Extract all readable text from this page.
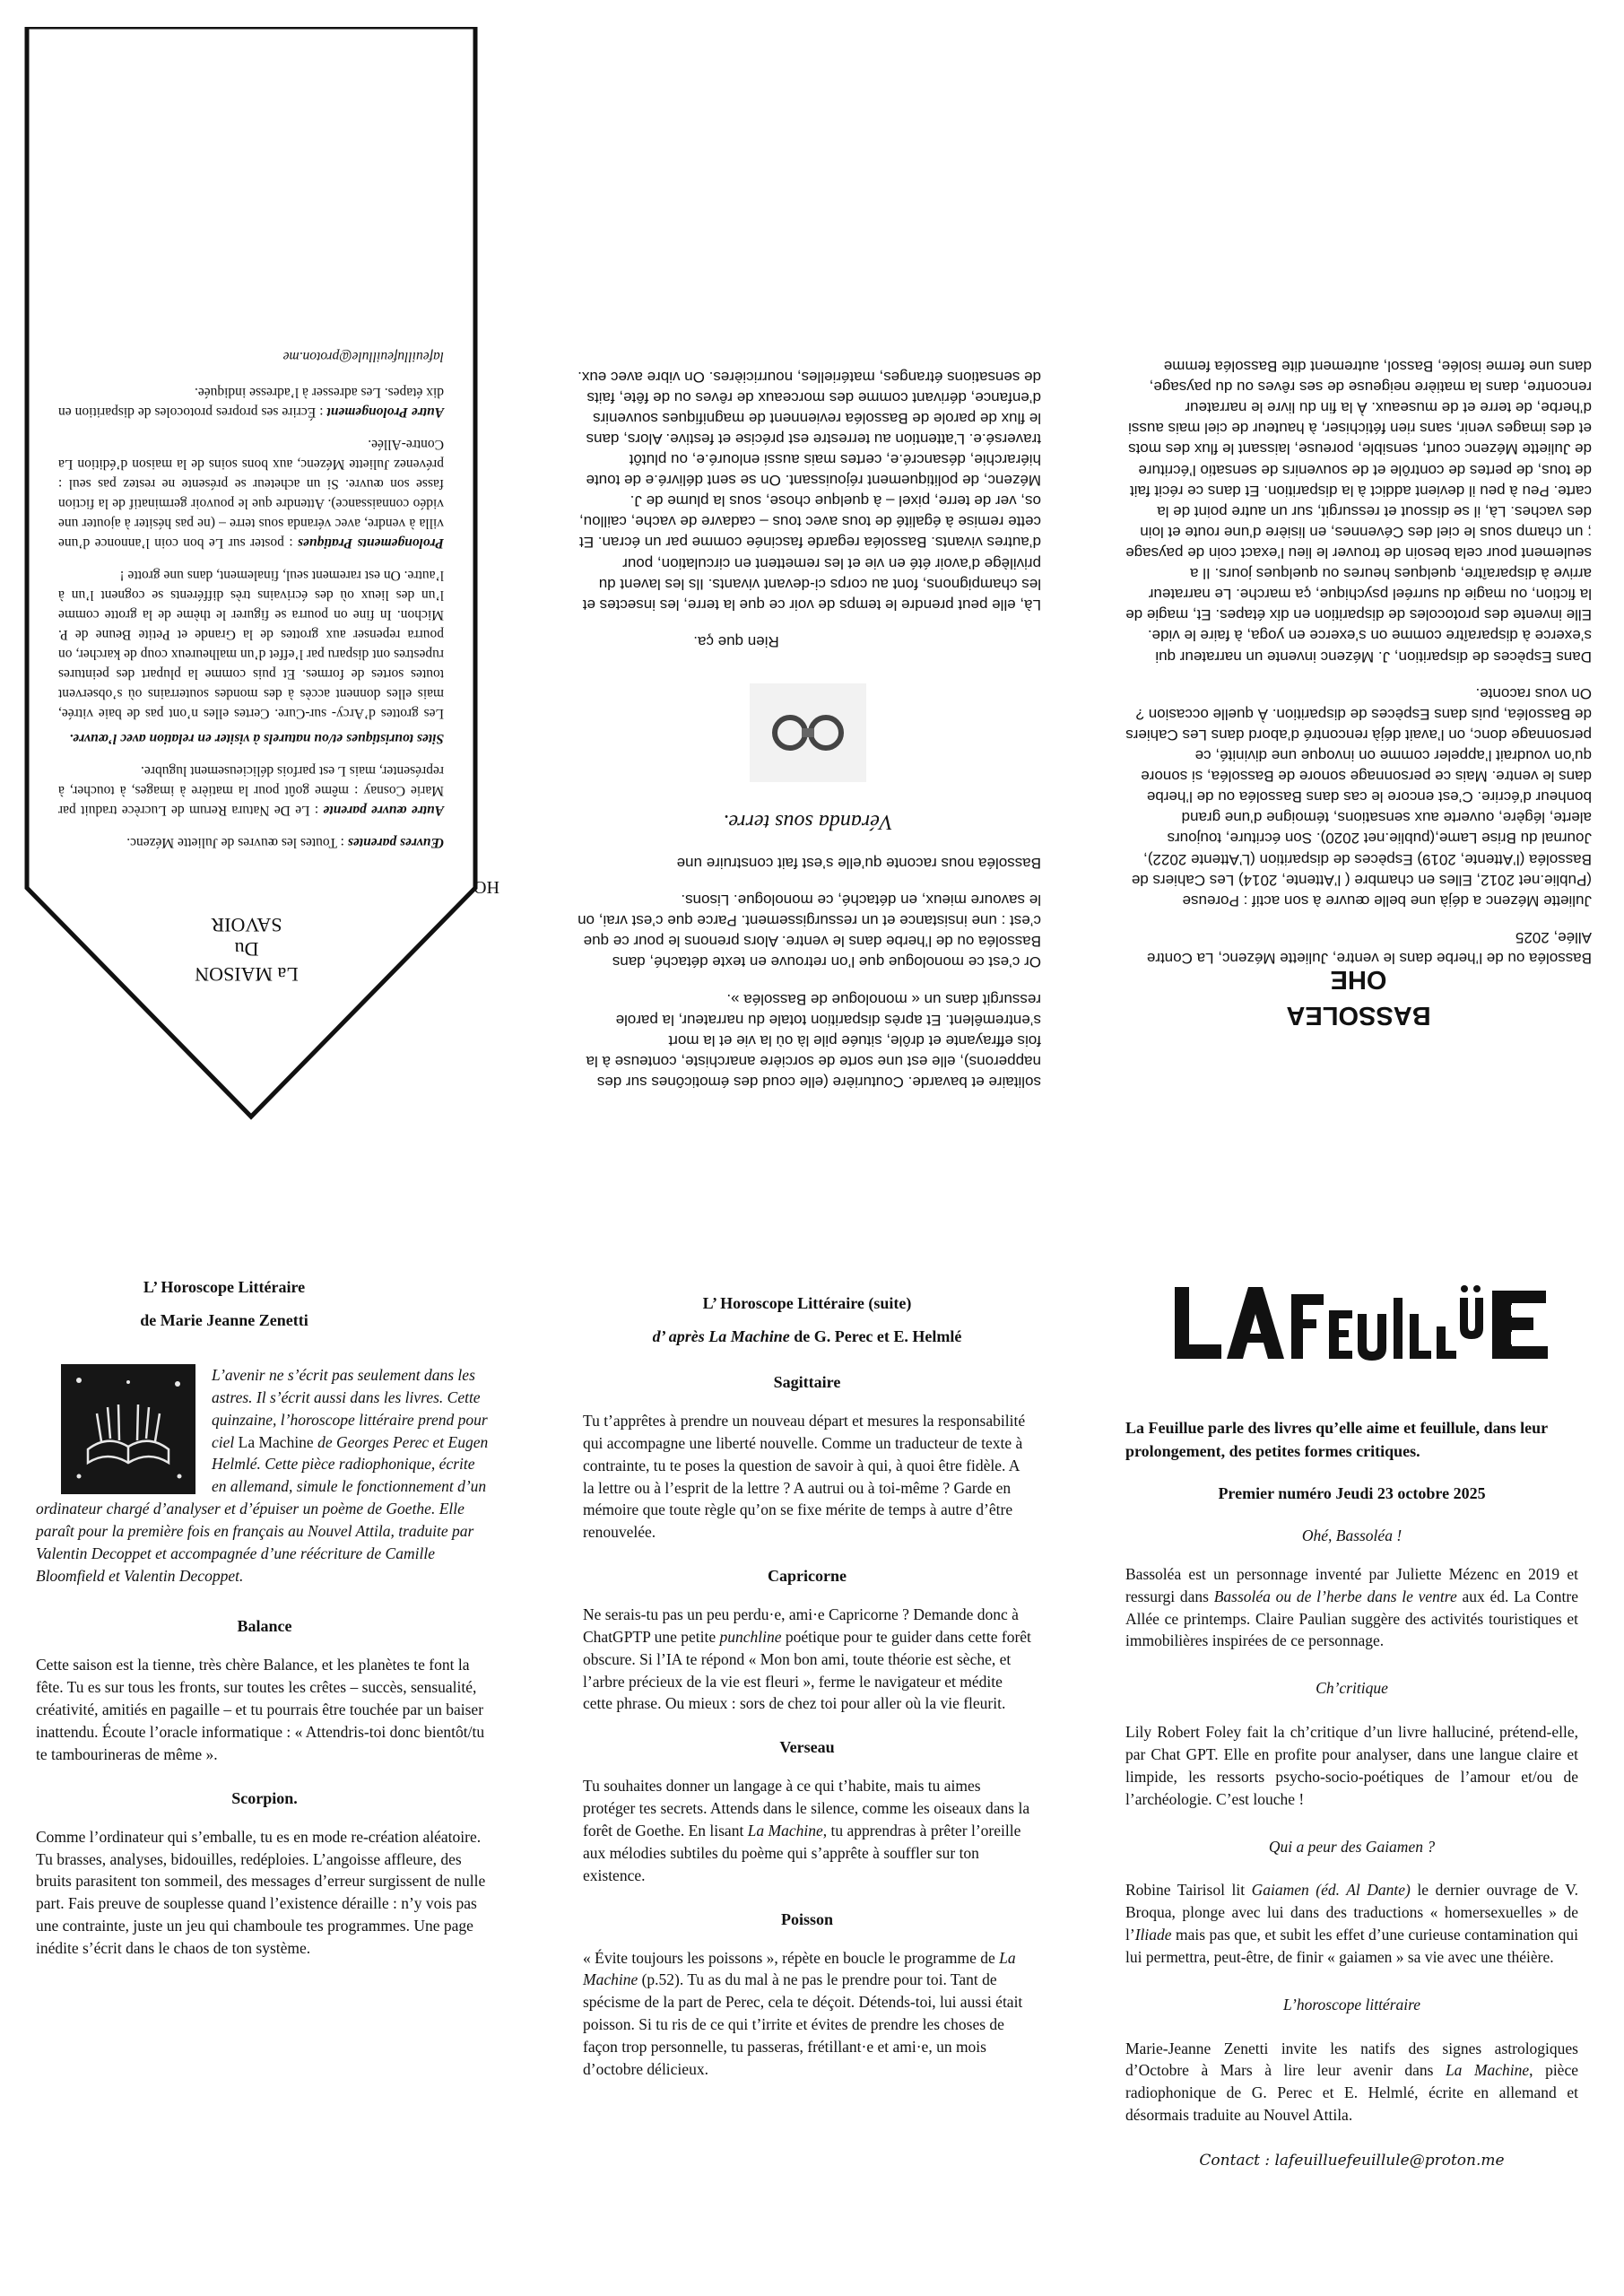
Bassoléa ou de l’herbe dans le ventre, Juliette Mézenc, La Contre Allée, 2025

Juliette Mézenc a déjà une belle œuvre à son actif : Poreuse (Publie.net 2012, Elles en chambre ( l’Attente, 2014) Les Cahiers de Bassoléa (l’Attente, 2019) Espèces de disparition (L’Attente 2022), Journal du Brise Lame,(publie.net 2020). Son écriture, toujours alerte, légère, ouverte aux sensations, témoigne d’une grand bonheur d’écrire. C’est encore le cas dans Bassoléa ou de l’herbe dans le ventre. Mais ce personnage sonore de Bassoléa, si sonore qu’on voudrait l’appeler comme on invoque une divinité, ce personnage donc, on l’avait déjà rencontré d’abord dans Les Cahiers de Bassoléa, puis dans Espèces de disparition. À quelle occasion ? On vous raconte.

Dans Espèces de disparition, J. Mézenc invente un narrateur qui s’exerce à disparaître comme on s’exerce en yoga, à faire le vide. Elle invente des protocoles de disparition en dix étapes. Et, magie de la fiction, ou magie du surréel psychique, ça marche. Le narrateur arrive à disparaître, quelques heures ou quelques jours. Il a seulement pour cela besoin de trouver le lieu l’exact coin de paysage ; un champ sous le ciel des Cévennes, en lisière d’une route et loin des vaches. Là, il se dissout et ressurgit, sur un autre point de la carte. Peu à peu il devient addict à la disparition. Et dans ce récit fait de tous, de pertes de contrôle et de souvenirs de sensatio l’écriture de Juliette Mézenc court, sensible, poreuse, laissant le flux des mots et des images venir, sans rien fétichiser, à hauteur de ciel mais aussi d’herbe, de terre et de museaux. À la fin du livre le narrateur rencontre, dans la matière neigeuse de ses rêves ou du paysage, dans une ferme isolée, Bassol, autrement dite Bassoléa femme

BASSOLEA
OHE

solitaire et bavarde. Couturière (elle coud des émoticônes sur des napperons), elle est une sorte de sorcière anarchiste, conteuse à la fois effrayante et drôle, située pile là où la vie et la mort s’entremêlent. Et après disparition totale du narrateur, la parole ressurgit dans un « monologue de Bassoléa ».

Or c’est ce monologue que l’on retrouve en texte détaché, dans Bassoléa ou de l’herbe dans le ventre. Alors prenons le pour ce que c’est : une insistance et un ressurgissement. Parce que c’est vrai, on le savoure mieux, en détaché, ce monologue. Lisons.

Bassoléa nous raconte qu’elle s’est fait construire une

Véranda sous terre.

Rien que ça.

Là, elle peut prendre le temps de voir ce que la terre, les insectes et les champignons, font au corps ci-devant vivants. Ils les lavent du privilège d’avoir été en vie et les remettent en circulation, pour d’autres vivants. Bassoléa regarde fascinée comme par un écran. Et cette remise à égalité de tous avec tous – cadavre de vache, caillou, os, ver de terre, pixel – à quelque chose, sous la plume de J. Mézenc, de politiquement réjouissant. On se sent délivré.e de toute hiérarchie, désancré.e, certes mais aussi enlouré.e, ou plutôt traversé.e. L’attention au terrestre est précise et festive. Alors, dans le flux de parole de Bassoléa reviennent de magnifiques souvenirs d’enfance, dérivant comme des morceaux de rêves ou de fête, faits de sensations étranges, matérielles, nourricières. On vibre avec eux.

HO
La MAISON
Du
SAVOIR

Œuvres parentes : Toutes les œuvres de Juliette Mézenc.

Autre œuvre parente : Le De Natura Rerum de Lucrèce traduit par Marie Cosnay : même goût pour la matière à images, à toucher, à représenter, mais L est parfois délicieusement lugubre.

Sites touristiques et/ou naturels à visiter en relation avec l’œuvre.

Les grottes d’Arcy- sur-Cure. Certes elles n’ont pas de baie vitrée, mais elles donnent accès à des mondes souterrains où s’observent toutes sortes de formes. Et puis comme la plupart des peintures rupestres ont disparu par l’effet d’un malheureux coup de karcher, on pourra repenser aux grottes de la Grande et Petite Beune de P. Michon. In fine on pourra se figurer le thème de la grotte comme l’un des lieux où des écrivains très différents se cognent l’un à l’autre. On est rarement seul, finalement, dans une grotte !

Prolongements Pratiques : poster sur Le bon coin l’annonce d’une villa à vendre, avec véranda sous terre – (ne pas hésiter à ajouter une vidéo connaissance). Attendre que le pouvoir germinatif de la fiction fasse son œuvre. Si un acheteur se présente ne restez pas seul : prévenez Juliette Mézenc, aux bons soins de la maison d’édition La Contre-Allée.

Autre Prolongement : Écrire ses propres protocoles de disparition en dix étapes. Les adresser à l’adresse indiquée.

lafeuillufeuillule@proton.me

L’ Horoscope Littéraire
de Marie Jeanne Zenetti
L’avenir ne s’écrit pas seulement dans les astres. Il s’écrit aussi dans les livres. Cette quinzaine, l’horoscope littéraire prend pour ciel La Machine de Georges Perec et Eugen Helmlé. Cette pièce radiophonique, écrite en allemand, simule le fonctionnement d’un ordinateur chargé d’analyser et d’épuiser un poème de Goethe. Elle paraît pour la première fois en français au Nouvel Attila, traduite par Valentin Decoppet et accompagnée d’une réécriture de Camille Bloomfield et Valentin Decoppet.
Balance
Cette saison est la tienne, très chère Balance, et les planètes te font la fête. Tu es sur tous les fronts, sur toutes les crêtes – succès, sensualité, créativité, amitiés en pagaille – et tu pourrais être touchée par un baiser inattendu. Écoute l’oracle informatique : « Attendris-toi donc bientôt/tu te tambourineras de même ».
Scorpion.
Comme l’ordinateur qui s’emballe, tu es en mode re-création aléatoire. Tu brasses, analyses, bidouilles, redéploies. L’angoisse affleure, des bruits parasitent ton sommeil, des messages d’erreur surgissent de nulle part. Fais preuve de souplesse quand l’existence déraille : n’y vois pas une contrainte, juste un jeu qui chamboule tes programmes. Une page inédite s’écrit dans le chaos de ton système.
L’ Horoscope Littéraire (suite)
d’ après La Machine de G. Perec et E. Helmlé
Sagittaire
Tu t’apprêtes à prendre un nouveau départ et mesures la responsabilité qui accompagne une liberté nouvelle. Comme un traducteur de texte à contrainte, tu te poses la question de savoir à qui, à quoi être fidèle. A la lettre ou à l’esprit de la lettre ? A autrui ou à toi-même ? Garde en mémoire que toute règle qu’on se fixe mérite de temps à autre d’être renouvelée.
Capricorne
Ne serais-tu pas un peu perdu·e, ami·e Capricorne ? Demande donc à ChatGPTP une petite punchline poétique pour te guider dans cette forêt obscure. Si l’IA te répond « Mon bon ami, toute théorie est sèche, et l’arbre précieux de la vie est fleuri », ferme le navigateur et médite cette phrase. Ou mieux : sors de chez toi pour aller où la vie fleurit.
Verseau
Tu souhaites donner un langage à ce qui t’habite, mais tu aimes protéger tes secrets. Attends dans le silence, comme les oiseaux dans la forêt de Goethe. En lisant La Machine, tu apprendras à prêter l’oreille aux mélodies subtiles du poème qui s’apprête à souffler sur ton existence.
Poisson
« Évite toujours les poissons », répète en boucle le programme de La Machine (p.52). Tu as du mal à ne pas le prendre pour toi. Tant de spécisme de la part de Perec, cela te déçoit. Détends-toi, lui aussi était poisson. Si tu ris de ce qui t’irrite et évites de prendre les choses de façon trop personnelle, tu passeras, frétillant·e et ami·e, un mois d’octobre délicieux.
La Feuillue parle des livres qu’elle aime et feuillule, dans leur prolongement, des petites formes critiques.
Premier numéro Jeudi 23 octobre 2025
Ohé, Bassoléa !
Bassoléa est un personnage inventé par Juliette Mézenc en 2019 et ressurgi dans Bassoléa ou de l’herbe dans le ventre aux éd. La Contre Allée ce printemps. Claire Paulian suggère des activités touristiques et immobilières inspirées de ce personnage.
Ch’critique
Lily Robert Foley fait la ch’critique d’un livre halluciné, prétend-elle, par Chat GPT. Elle en profite pour analyser, dans une langue claire et limpide, les ressorts psycho-socio-poétiques de l’amour et/ou de l’archéologie. C’est louche !
Qui a peur des Gaiamen ?
Robine Tairisol lit Gaiamen (éd. Al Dante) le dernier ouvrage de V. Broqua, plonge avec lui dans des traductions « homersexuelles » de l’Iliade mais pas que, et subit les effet d’une curieuse contamination qui lui permettra, peut-être, de finir « gaiamen » sa vie avec une théière.
L’horoscope littéraire
Marie-Jeanne Zenetti invite les natifs des signes astrologiques d’Octobre à Mars à lire leur avenir dans La Machine, pièce radiophonique de G. Perec et E. Helmlé, écrite en allemand et désormais traduite au Nouvel Attila.
Contact : lafeuilluefeuillule@proton.me
